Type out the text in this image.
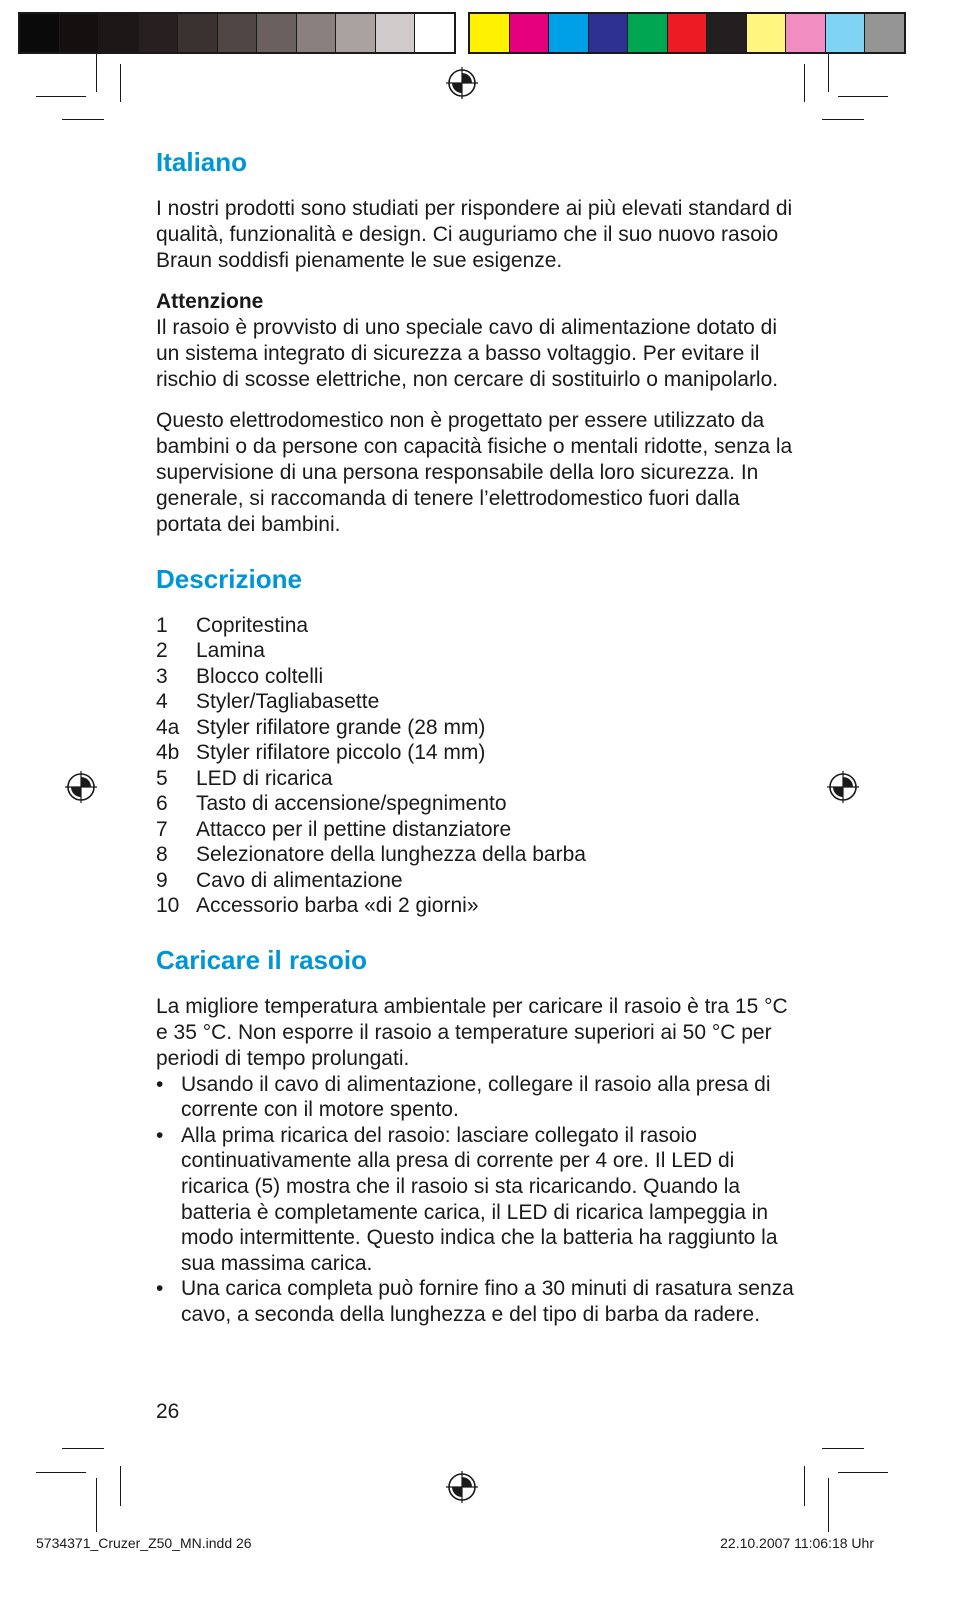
Italiano

I nostri prodotti sono studiati per rispondere ai più elevati standard di qualità, funzionalità e design. Ci auguriamo che il suo nuovo rasoio Braun soddisfi pienamente le sue esigenze.

Attenzione

Il rasoio è provvisto di uno speciale cavo di alimentazione dotato di un sistema integrato di sicurezza a basso voltaggio. Per evitare il rischio di scosse elettriche, non cercare di sostituirlo o manipolarlo.

Questo elettrodomestico non è progettato per essere utilizzato da bambini o da persone con capacità fisiche o mentali ridotte, senza la supervisione di una persona responsabile della loro sicurezza. In generale, si raccomanda di tenere l’elettrodomestico fuori dalla portata dei bambini.

Descrizione
1	Copritestina
2	Lamina
3	Blocco coltelli
4	Styler/Tagliabasette
4a Styler rifilatore grande (28 mm)
4b Styler rifilatore piccolo (14 mm)
5	LED di ricarica
6	Tasto di accensione/spegnimento
7	Attacco per il pettine distanziatore
8	Selezionatore della lunghezza della barba
9	Cavo di alimentazione
10 Accessorio barba «di 2 giorni»
Caricare il rasoio

La migliore temperatura ambientale per caricare il rasoio è tra 15 °C e 35 °C. Non esporre il rasoio a temperature superiori ai 50 °C per periodi di tempo prolungati.

• Usando il cavo di alimentazione, collegare il rasoio alla presa di corrente con il motore spento.
• Alla prima ricarica del rasoio: lasciare collegato il rasoio continuativamente alla presa di corrente per 4 ore. Il LED di ricarica (5) mostra che il rasoio si sta ricaricando. Quando la batteria è completamente carica, il LED di ricarica lampeggia in modo intermittente. Questo indica che la batteria ha raggiunto la sua massima carica.
• Una carica completa può fornire fino a 30 minuti di rasatura senza cavo, a seconda della lunghezza e del tipo di barba da radere.
26
5734371_Cruzer_Z50_MN.indd 26	22.10.2007 11:06:18 Uhr
